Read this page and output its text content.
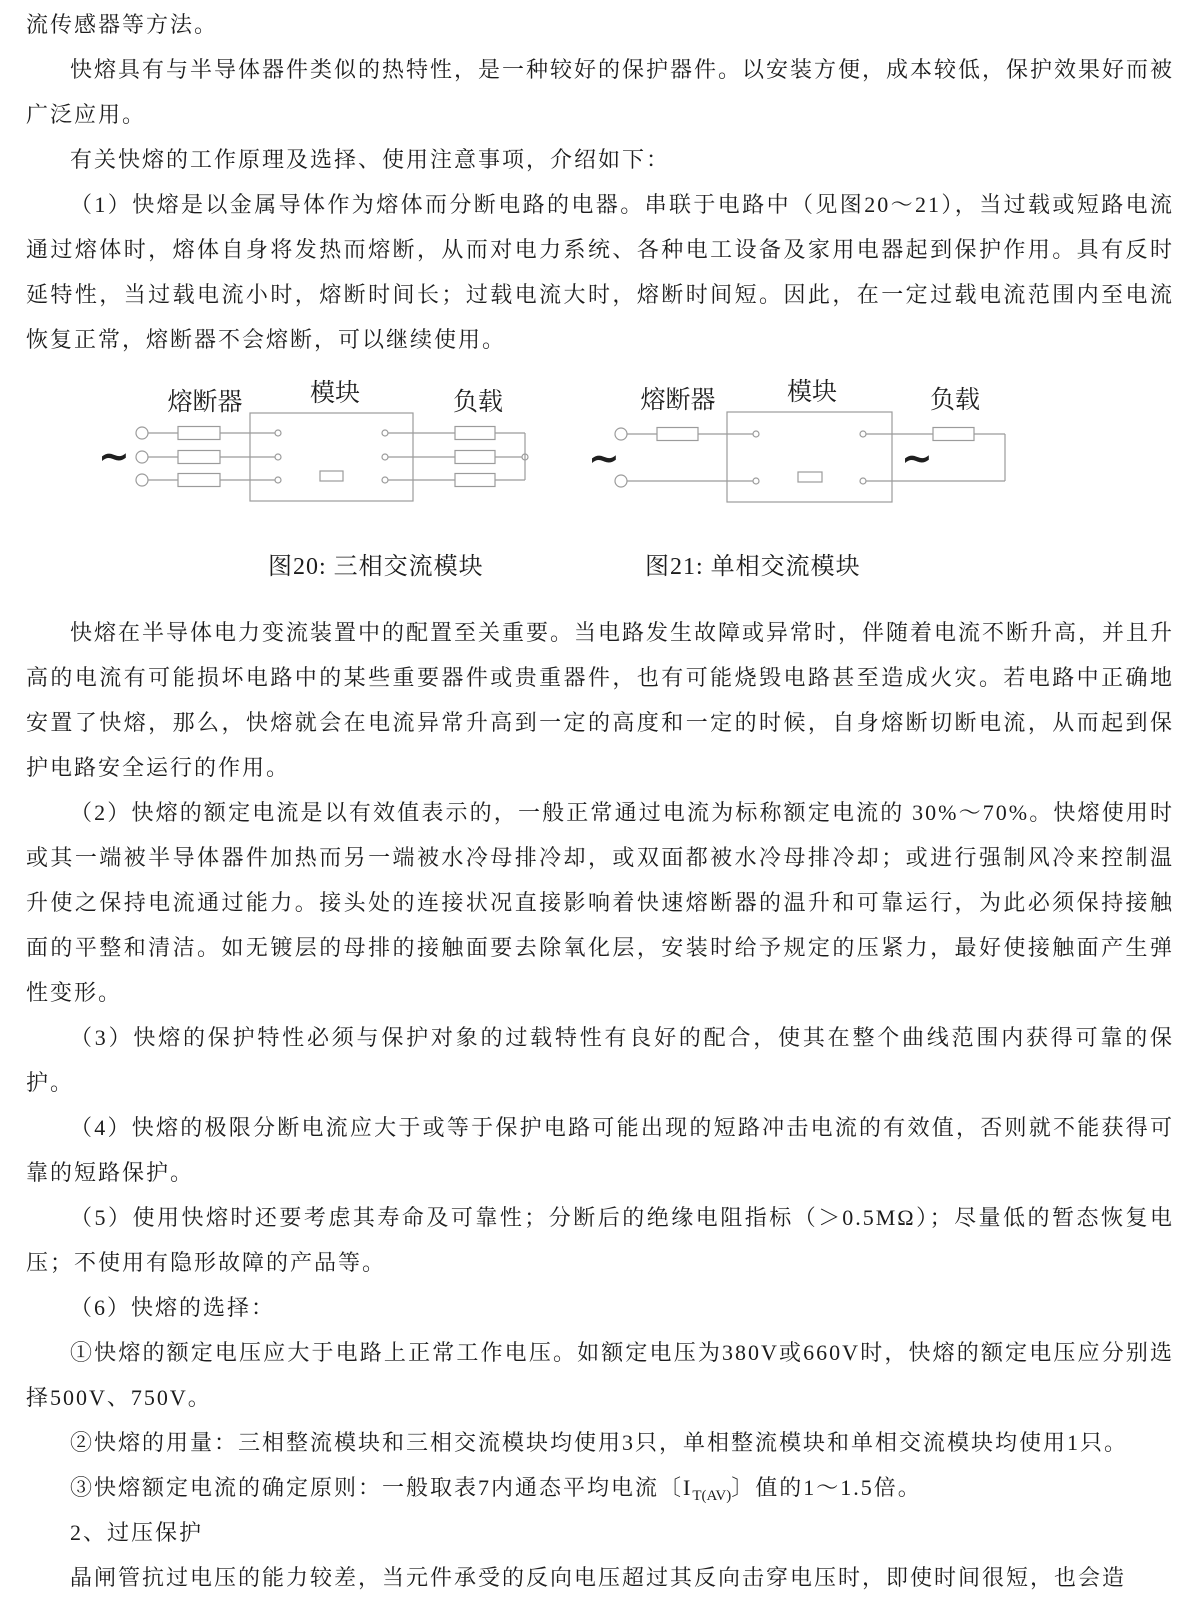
流传感器等方法。

快熔具有与半导体器件类似的热特性，是一种较好的保护器件。以安装方便，成本较低，保护效果好而被广泛应用。

有关快熔的工作原理及选择、使用注意事项，介绍如下：

（1）快熔是以金属导体作为熔体而分断电路的电器。串联于电路中（见图20～21），当过载或短路电流通过熔体时，熔体自身将发热而熔断，从而对电力系统、各种电工设备及家用电器起到保护作用。具有反时延特性，当过载电流小时，熔断时间长；过载电流大时，熔断时间短。因此，在一定过载电流范围内至电流恢复正常，熔断器不会熔断，可以继续使用。

~
熔断器	模块	负载
~	~
熔断器	模块	负载
图20: 三相交流模块	图21: 单相交流模块

快熔在半导体电力变流装置中的配置至关重要。当电路发生故障或异常时，伴随着电流不断升高，并且升高的电流有可能损坏电路中的某些重要器件或贵重器件，也有可能烧毁电路甚至造成火灾。若电路中正确地安置了快熔，那么，快熔就会在电流异常升高到一定的高度和一定的时候，自身熔断切断电流，从而起到保护电路安全运行的作用。

（2）快熔的额定电流是以有效值表示的，一般正常通过电流为标称额定电流的 30%～70%。快熔使用时或其一端被半导体器件加热而另一端被水冷母排冷却，或双面都被水冷母排冷却；或进行强制风冷来控制温升使之保持电流通过能力。接头处的连接状况直接影响着快速熔断器的温升和可靠运行，为此必须保持接触面的平整和清洁。如无镀层的母排的接触面要去除氧化层，安装时给予规定的压紧力，最好使接触面产生弹性变形。

（3）快熔的保护特性必须与保护对象的过载特性有良好的配合，使其在整个曲线范围内获得可靠的保护。

（4）快熔的极限分断电流应大于或等于保护电路可能出现的短路冲击电流的有效值，否则就不能获得可靠的短路保护。

（5）使用快熔时还要考虑其寿命及可靠性；分断后的绝缘电阻指标（＞0.5MΩ）；尽量低的暂态恢复电压；不使用有隐形故障的产品等。

（6）快熔的选择：

①快熔的额定电压应大于电路上正常工作电压。如额定电压为380V或660V时，快熔的额定电压应分别选择500V、750V。

②快熔的用量：三相整流模块和三相交流模块均使用3只，单相整流模块和单相交流模块均使用1只。

③快熔额定电流的确定原则：一般取表7内通态平均电流〔$I_{T(AV)}$〕值的1～1.5倍。

2、过压保护

晶闸管抗过电压的能力较差，当元件承受的反向电压超过其反向击穿电压时，即使时间很短，也会造
